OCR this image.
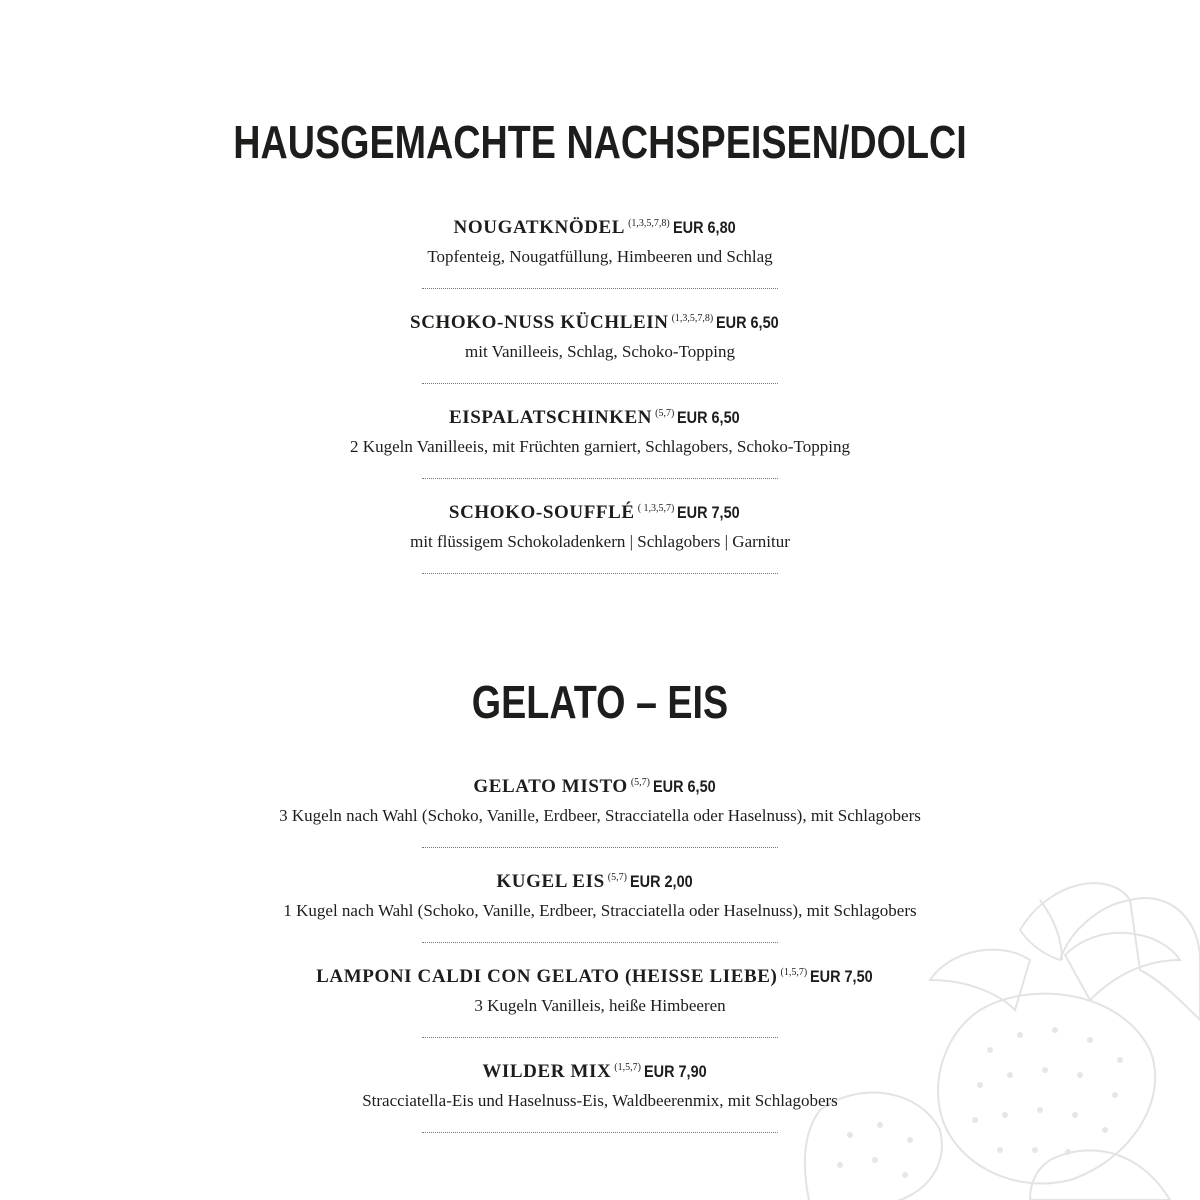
HAUSGEMACHTE NACHSPEISEN/DOLCI
NOUGATKNÖDEL $^{(1,3,5,7,8)}$ EUR 6,80
Topfenteig, Nougatfüllung, Himbeeren und Schlag
SCHOKO-NUSS KÜCHLEIN $^{(1,3,5,7,8)}$ EUR 6,50
mit Vanilleeis, Schlag, Schoko-Topping
EISPALATSCHINKEN $^{(5,7)}$ EUR 6,50
2 Kugeln Vanilleeis, mit Früchten garniert, Schlagobers, Schoko-Topping
SCHOKO-SOUFFLÉ $^{( 1,3,5,7)}$ EUR 7,50
mit flüssigem Schokoladenkern | Schlagobers | Garnitur
GELATO – EIS
GELATO MISTO $^{(5,7)}$ EUR 6,50
3 Kugeln nach Wahl (Schoko, Vanille, Erdbeer, Stracciatella oder Haselnuss), mit Schlagobers
KUGEL EIS $^{(5,7)}$ EUR 2,00
1 Kugel nach Wahl (Schoko, Vanille, Erdbeer, Stracciatella oder Haselnuss), mit Schlagobers
LAMPONI CALDI CON GELATO (HEISSE LIEBE) $^{(1,5,7)}$ EUR 7,50
3 Kugeln Vanilleis, heiße Himbeeren
WILDER MIX $^{(1,5,7)}$ EUR 7,90
Stracciatella-Eis und Haselnuss-Eis, Waldbeerenmix, mit Schlagobers
